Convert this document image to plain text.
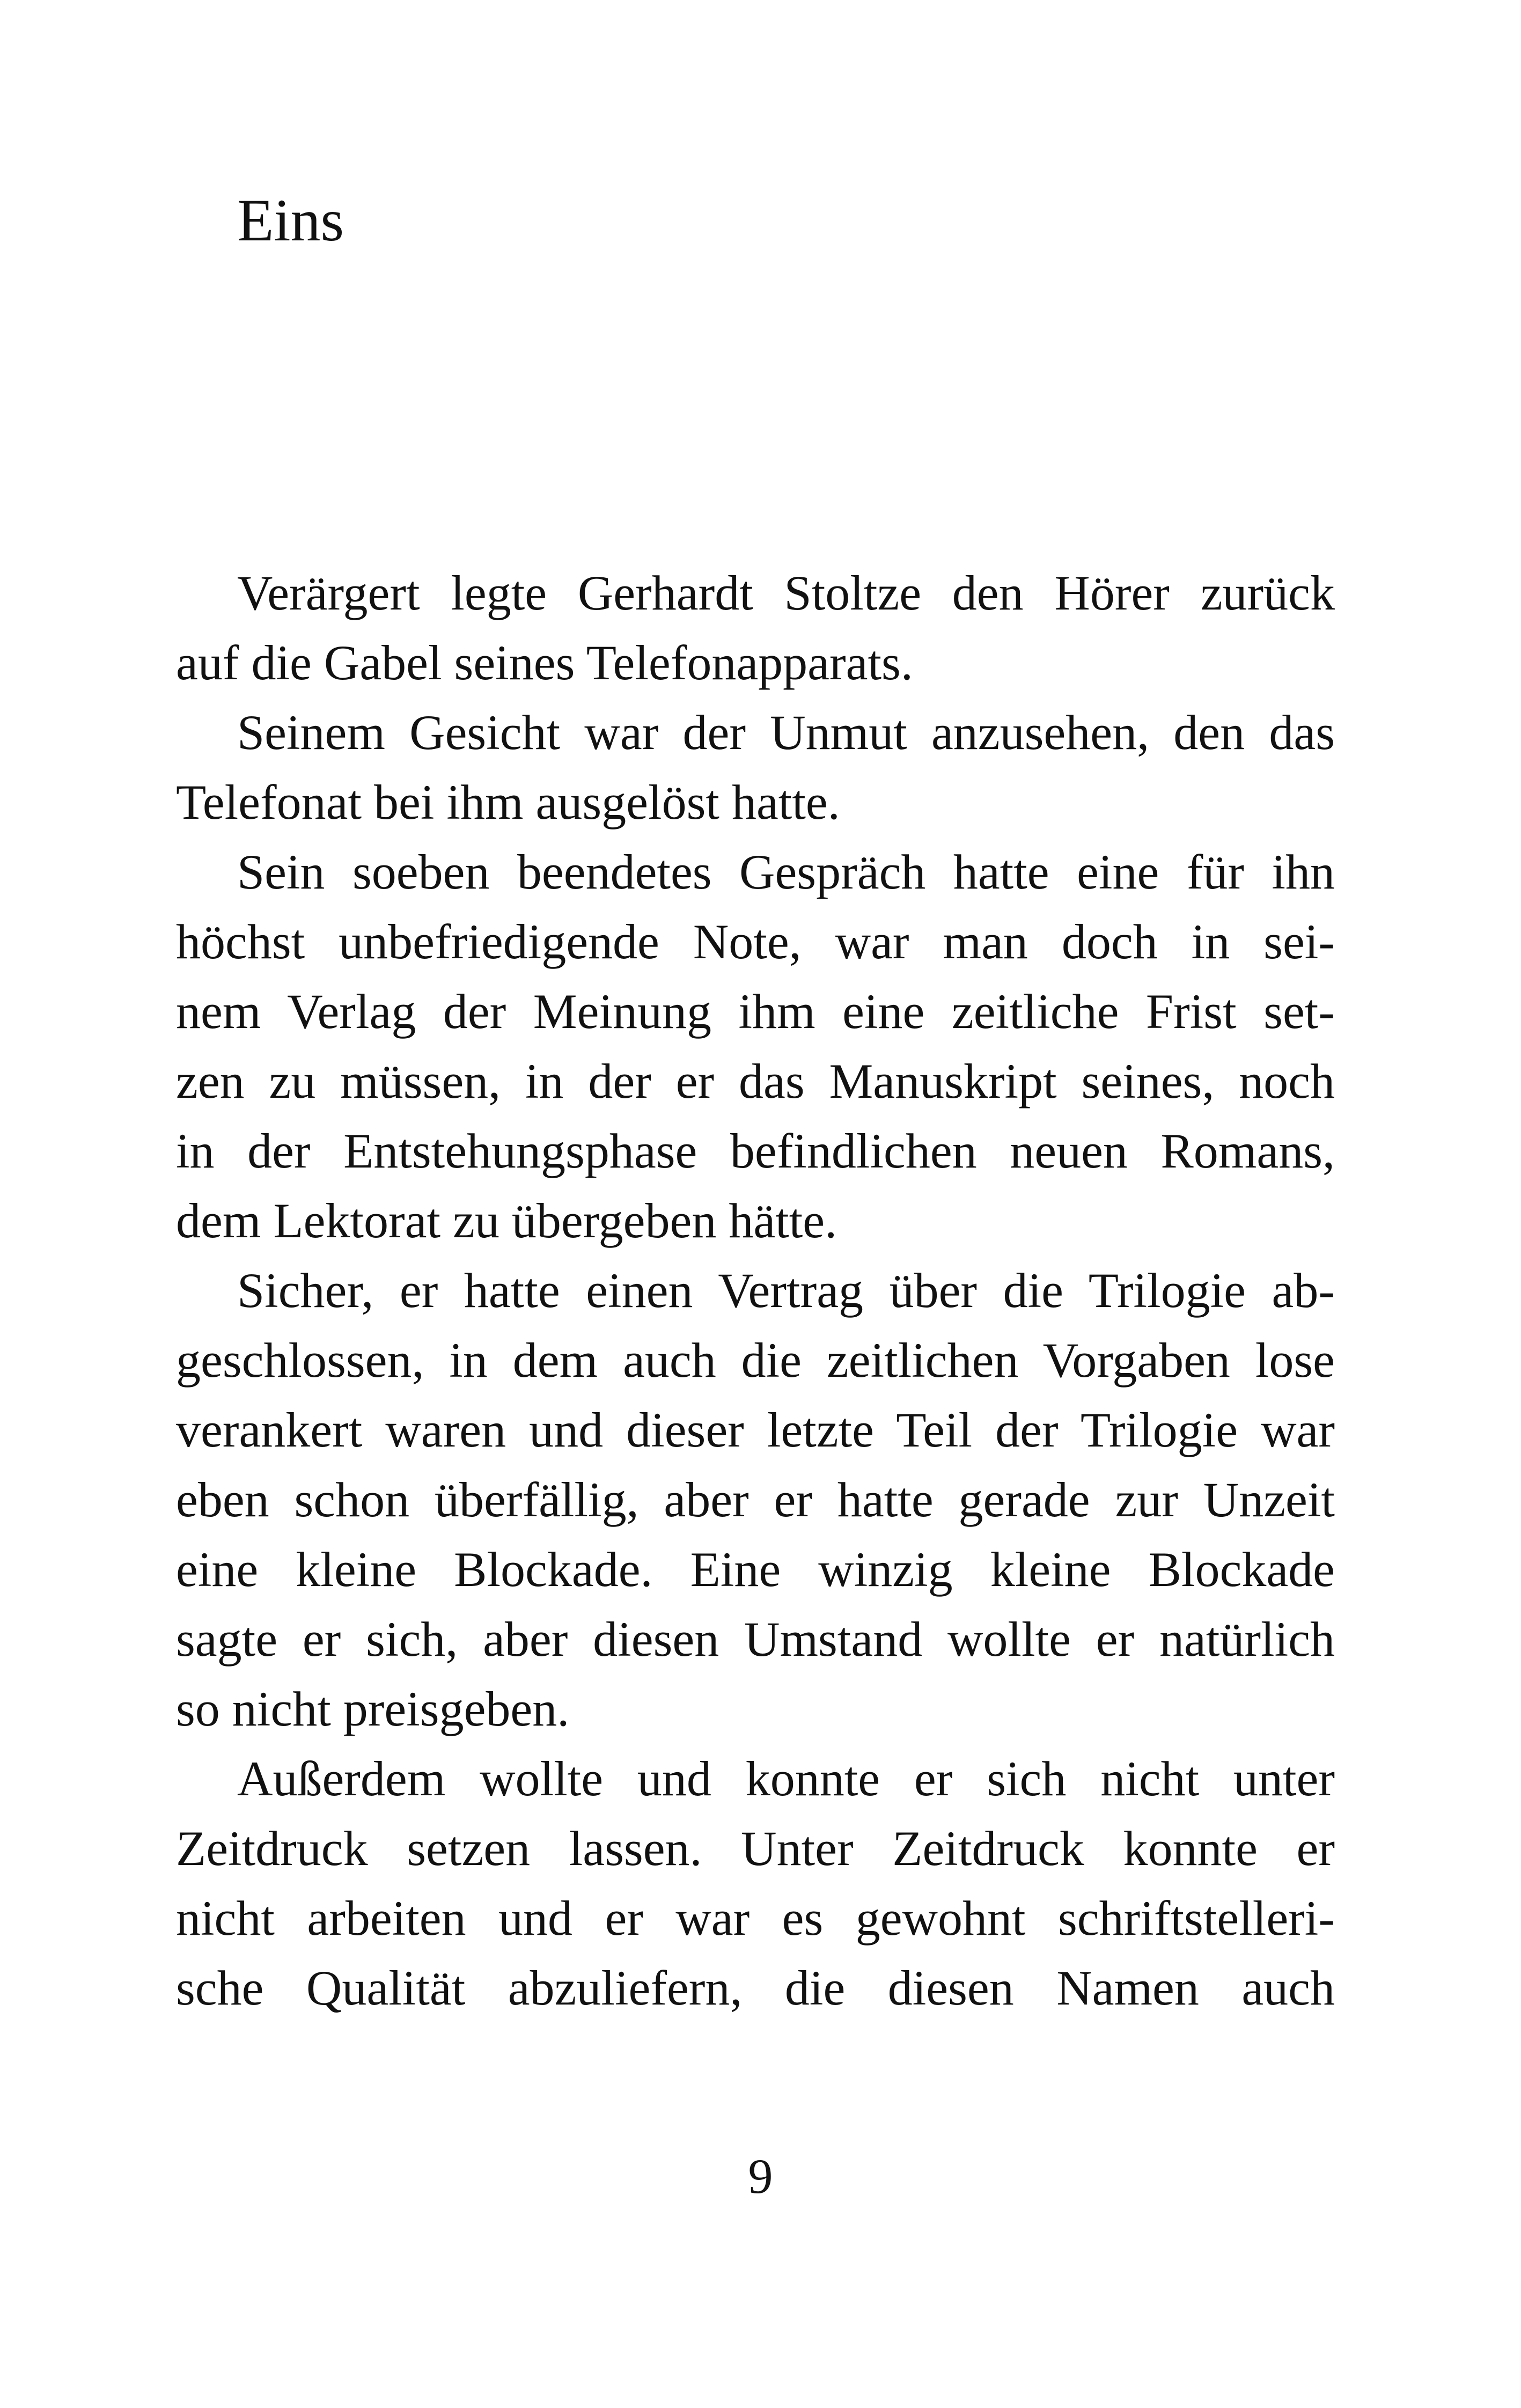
Eins
Verärgert legte Gerhardt Stoltze den Hörer zurück
auf die Gabel seines Telefonapparats.
Seinem Gesicht war der Unmut anzusehen, den das
Telefonat bei ihm ausgelöst hatte.
Sein soeben beendetes Gespräch hatte eine für ihn
höchst unbefriedigende Note, war man doch in sei-
nem Verlag der Meinung ihm eine zeitliche Frist set-
zen zu müssen, in der er das Manuskript seines, noch
in der Entstehungsphase befindlichen neuen Romans,
dem Lektorat zu übergeben hätte.
Sicher, er hatte einen Vertrag über die Trilogie ab-
geschlossen, in dem auch die zeitlichen Vorgaben lose
verankert waren und dieser letzte Teil der Trilogie war
eben schon überfällig, aber er hatte gerade zur Unzeit
eine kleine Blockade. Eine winzig kleine Blockade
sagte er sich, aber diesen Umstand wollte er natürlich
so nicht preisgeben.
Außerdem wollte und konnte er sich nicht unter
Zeitdruck setzen lassen. Unter Zeitdruck konnte er
nicht arbeiten und er war es gewohnt schriftstelleri-
sche Qualität abzuliefern, die diesen Namen auch
9
